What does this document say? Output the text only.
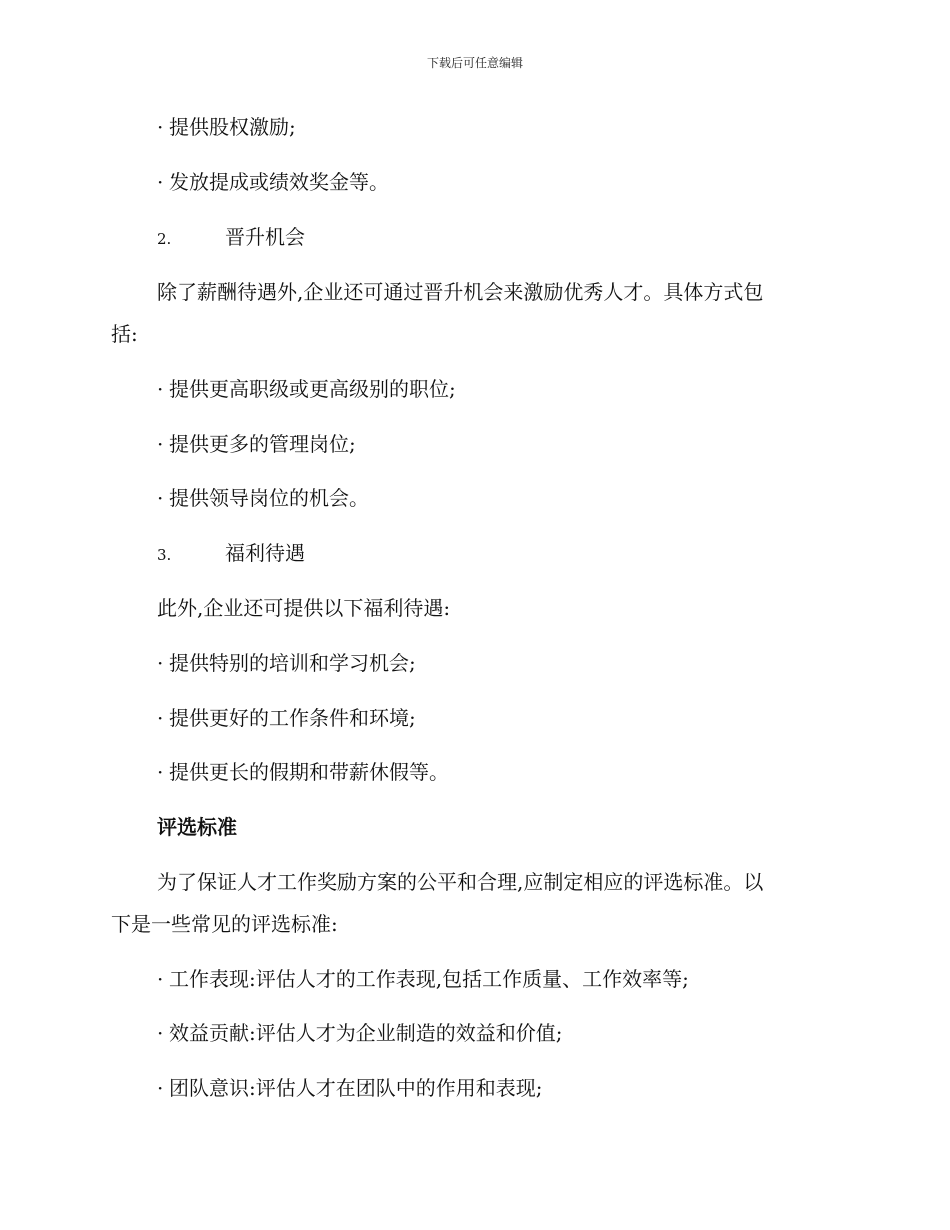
下载后可任意编辑
· 提供股权激励;
· 发放提成或绩效奖金等。
2.	晋升机会
除了薪酬待遇外,企业还可通过晋升机会来激励优秀人才。具体方式包
括:
· 提供更高职级或更高级别的职位;
· 提供更多的管理岗位;
· 提供领导岗位的机会。
3.	福利待遇
此外,企业还可提供以下福利待遇:
· 提供特别的培训和学习机会;
· 提供更好的工作条件和环境;
· 提供更长的假期和带薪休假等。
评选标准
为了保证人才工作奖励方案的公平和合理,应制定相应的评选标准。以
下是一些常见的评选标准:
· 工作表现:评估人才的工作表现,包括工作质量、工作效率等;
· 效益贡献:评估人才为企业制造的效益和价值;
· 团队意识:评估人才在团队中的作用和表现;
